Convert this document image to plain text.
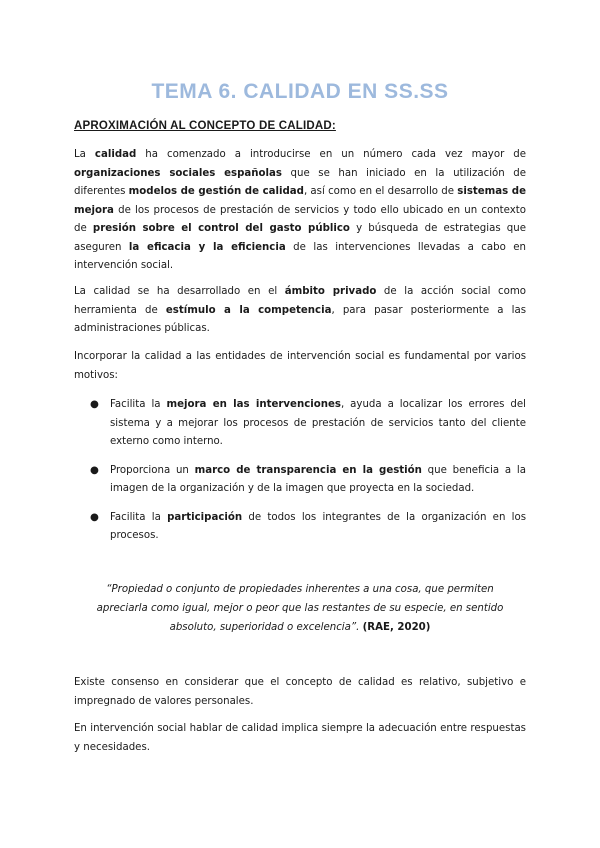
TEMA 6. CALIDAD EN SS.SS
APROXIMACIÓN AL CONCEPTO DE CALIDAD:
La calidad ha comenzado a introducirse en un número cada vez mayor de organizaciones sociales españolas que se han iniciado en la utilización de diferentes modelos de gestión de calidad, así como en el desarrollo de sistemas de mejora de los procesos de prestación de servicios y todo ello ubicado en un contexto de presión sobre el control del gasto público y búsqueda de estrategias que aseguren la eficacia y la eficiencia de las intervenciones llevadas a cabo en intervención social.
La calidad se ha desarrollado en el ámbito privado de la acción social como herramienta de estímulo a la competencia, para pasar posteriormente a las administraciones públicas.
Incorporar la calidad a las entidades de intervención social es fundamental por varios motivos:
● Facilita la mejora en las intervenciones, ayuda a localizar los errores del sistema y a mejorar los procesos de prestación de servicios tanto del cliente externo como interno.
● Proporciona un marco de transparencia en la gestión que beneficia a la imagen de la organización y de la imagen que proyecta en la sociedad.
● Facilita la participación de todos los integrantes de la organización en los procesos.
“Propiedad o conjunto de propiedades inherentes a una cosa, que permiten apreciarla como igual, mejor o peor que las restantes de su especie, en sentido absoluto, superioridad o excelencia”. (RAE, 2020)
Existe consenso en considerar que el concepto de calidad es relativo, subjetivo e impregnado de valores personales.
En intervención social hablar de calidad implica siempre la adecuación entre respuestas y necesidades.
